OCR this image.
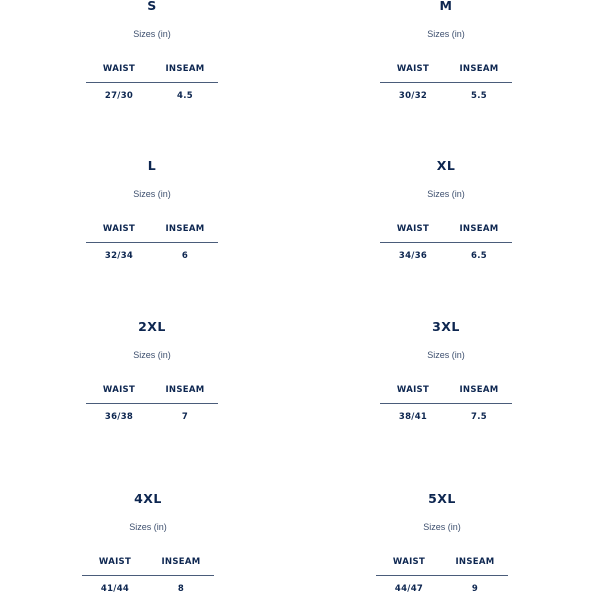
S
Sizes (in)
WAIST	INSEAM
27/30	4.5
M
Sizes (in)
WAIST	INSEAM
30/32	5.5
L
Sizes (in)
WAIST	INSEAM
32/34	6
XL
Sizes (in)
WAIST	INSEAM
34/36	6.5
2XL
Sizes (in)
WAIST	INSEAM
36/38	7
3XL
Sizes (in)
WAIST	INSEAM
38/41	7.5
4XL
Sizes (in)
WAIST	INSEAM
41/44	8
5XL
Sizes (in)
WAIST	INSEAM
44/47	9
